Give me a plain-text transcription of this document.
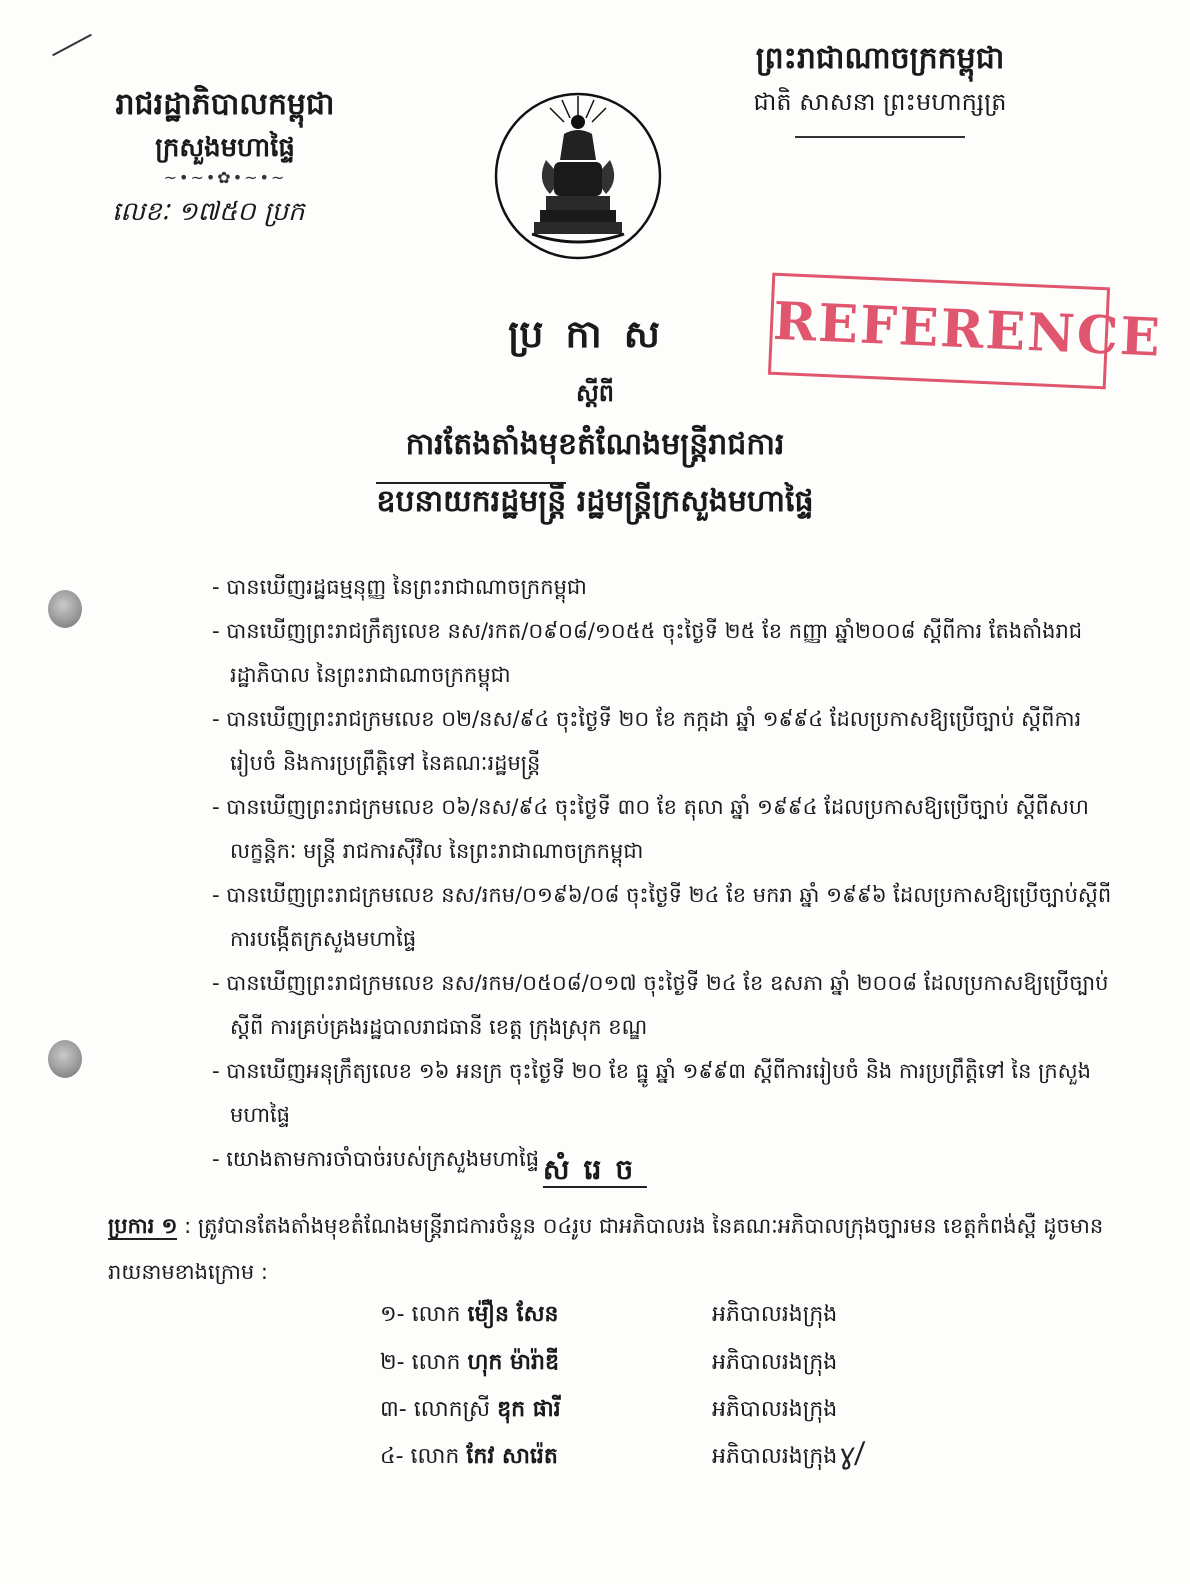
រាជរដ្ឋាភិបាលកម្ពុជា
ក្រសួងមហាផ្ទៃ
~•~•✿•~•~
លេខៈ ១៧៥០ ប្រក
ព្រះរាជាណាចក្រកម្ពុជា
ជាតិ សាសនា ព្រះមហាក្សត្រ
REFERENCE
ប្រកាស
ស្តីពី
ការតែងតាំងមុខតំណែងមន្ត្រីរាជការ
ឧបនាយករដ្ឋមន្ត្រី រដ្ឋមន្ត្រីក្រសួងមហាផ្ទៃ
- បានឃើញរដ្ឋធម្មនុញ្ញ នៃព្រះរាជាណាចក្រកម្ពុជា
- បានឃើញព្រះរាជក្រឹត្យលេខ នស/រកត/០៩០៨/១០៥៥ ចុះថ្ងៃទី ២៥ ខែ កញ្ញា ឆ្នាំ២០០៨ ស្តីពីការ តែងតាំងរាជរដ្ឋាភិបាល នៃព្រះរាជាណាចក្រកម្ពុជា
- បានឃើញព្រះរាជក្រមលេខ ០២/នស/៩៤ ចុះថ្ងៃទី ២០ ខែ កក្កដា ឆ្នាំ ១៩៩៤ ដែលប្រកាសឱ្យប្រើច្បាប់ ស្តីពីការរៀបចំ និងការប្រព្រឹត្តិទៅ នៃគណៈរដ្ឋមន្ត្រី
- បានឃើញព្រះរាជក្រមលេខ ០៦/នស/៩៤ ចុះថ្ងៃទី ៣០ ខែ តុលា ឆ្នាំ ១៩៩៤ ដែលប្រកាសឱ្យប្រើច្បាប់ ស្តីពីសហលក្ខន្តិកៈ មន្ត្រី រាជការស៊ីវិល នៃព្រះរាជាណាចក្រកម្ពុជា
- បានឃើញព្រះរាជក្រមលេខ នស/រកម/០១៩៦/០៨ ចុះថ្ងៃទី ២៤ ខែ មករា ឆ្នាំ ១៩៩៦ ដែលប្រកាសឱ្យប្រើច្បាប់ស្តីពី ការបង្កើតក្រសួងមហាផ្ទៃ
- បានឃើញព្រះរាជក្រមលេខ នស/រកម/០៥០៨/០១៧ ចុះថ្ងៃទី ២៤ ខែ ឧសភា ឆ្នាំ ២០០៨ ដែលប្រកាសឱ្យប្រើច្បាប់ស្តីពី ការគ្រប់គ្រងរដ្ឋបាលរាជធានី ខេត្ត ក្រុងស្រុក ខណ្ឌ
- បានឃើញអនុក្រឹត្យលេខ ១៦ អនក្រ ចុះថ្ងៃទី ២០ ខែ ធ្នូ ឆ្នាំ ១៩៩៣ ស្តីពីការរៀបចំ និង ការប្រព្រឹត្តិទៅ នៃ ក្រសួងមហាផ្ទៃ
- យោងតាមការចាំបាច់របស់ក្រសួងមហាផ្ទៃ សំរេច
ប្រការ ១ : ត្រូវបានតែងតាំងមុខតំណែងមន្ត្រីរាជការចំនួន ០៤រូប ជាអភិបាលរង នៃគណៈអភិបាលក្រុងច្បារមន ខេត្តកំពង់ស្ពឺ ដូចមានរាយនាមខាងក្រោម :
១- លោក ម៉ឿន សែន	អភិបាលរងក្រុង
២- លោក ហុក ម៉ារ៉ាឌី	អភិបាលរងក្រុង
៣- លោកស្រី ឌុក ផារី	អភិបាលរងក្រុង
៤- លោក កែវ សារ៉េត	អភិបាលរងក្រុង ɣ/
